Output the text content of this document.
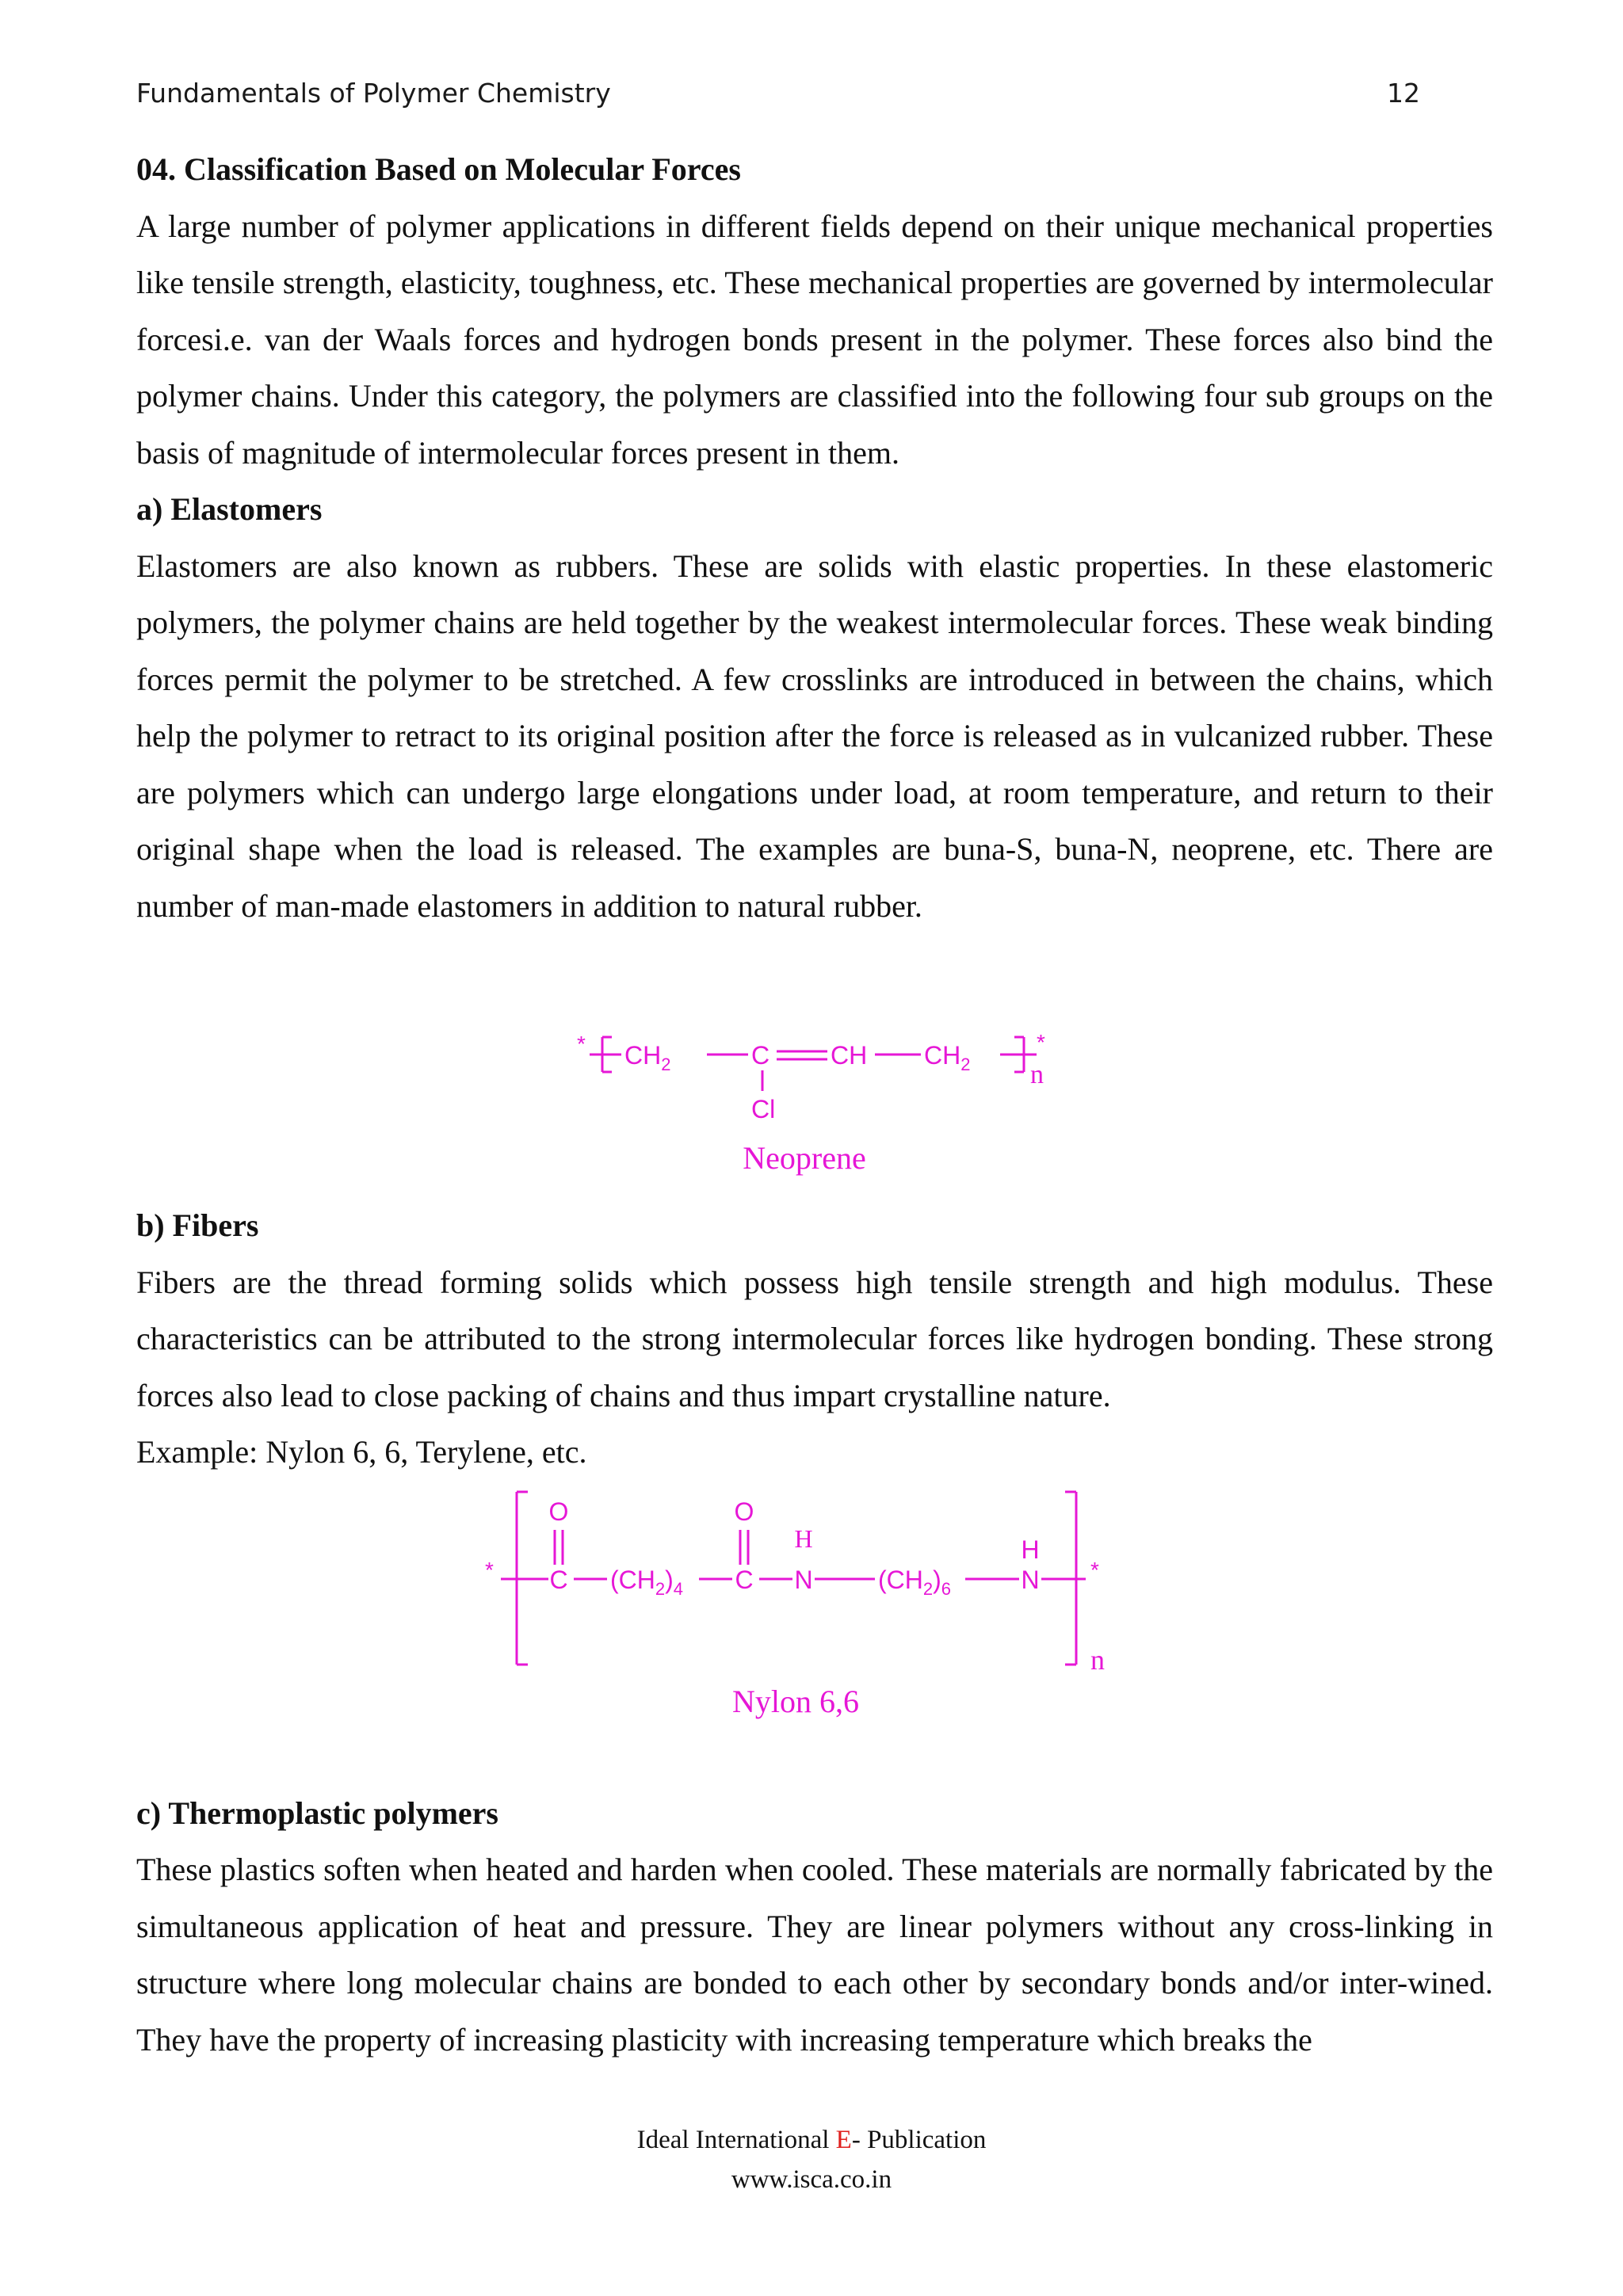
Fundamentals of Polymer Chemistry	12
04. Classification Based on Molecular Forces

A large number of polymer applications in different fields depend on their unique mechanical properties like tensile strength, elasticity, toughness, etc. These mechanical properties are governed by intermolecular forcesi.e. van der Waals forces and hydrogen bonds present in the polymer. These forces also bind the polymer chains. Under this category, the polymers are classified into the following four sub groups on the basis of magnitude of intermolecular forces present in them.

a) Elastomers

Elastomers are also known as rubbers. These are solids with elastic properties. In these elastomeric polymers, the polymer chains are held together by the weakest intermolecular forces. These weak binding forces permit the polymer to be stretched. A few crosslinks are introduced in between the chains, which help the polymer to retract to its original position after the force is released as in vulcanized rubber. These are polymers which can undergo large elongations under load, at room temperature, and return to their original shape when the load is released. The examples are buna-S, buna-N, neoprene, etc. There are number of man-made elastomers in addition to natural rubber.

* $CH_2$	C CH $CH_2$
*
n
Cl
Neoprene
b) Fibers

Fibers are the thread forming solids which possess high tensile strength and high modulus. These characteristics can be attributed to the strong intermolecular forces like hydrogen bonding. These strong forces also lead to close packing of chains and thus impart crystalline nature.

Example: Nylon 6, 6, Terylene, etc.

*
O
C $(CH_2)_4$
O
C
H
N	$(CH_2)_6$
H
N *
n
Nylon 6,6
c) Thermoplastic polymers

These plastics soften when heated and harden when cooled. These materials are normally fabricated by the simultaneous application of heat and pressure. They are linear polymers without any cross-linking in structure where long molecular chains are bonded to each other by secondary bonds and/or inter-wined. They have the property of increasing plasticity with increasing temperature which breaks the

Ideal International E- Publication
www.isca.co.in
